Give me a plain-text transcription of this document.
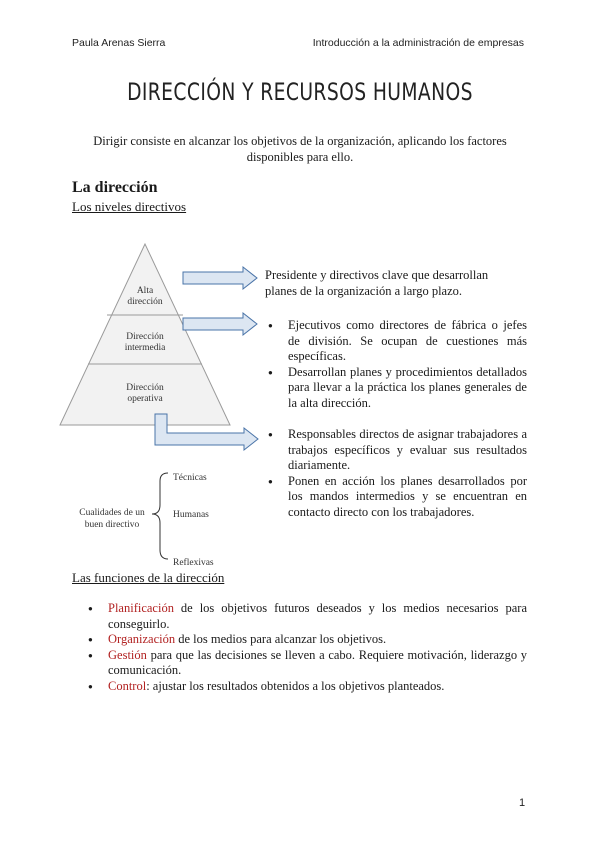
Paula Arenas Sierra	Introducción a la administración de empresas
DIRECCIÓN Y RECURSOS HUMANOS
Dirigir consiste en alcanzar los objetivos de la organización, aplicando los factores disponibles para ello.
La dirección
Los niveles directivos
Alta
dirección
Dirección
intermedia
Dirección
operativa
Cualidades de un
buen directivo
Técnicas
Humanas
Reflexivas
Presidente y directivos clave que desarrollan planes de la organización a largo plazo.
● Ejecutivos como directores de fábrica o jefes de división. Se ocupan de cuestiones más específicas.
● Desarrollan planes y procedimientos detallados para llevar a la práctica los planes generales de la alta dirección.
● Responsables directos de asignar trabajadores a trabajos específicos y evaluar sus resultados diariamente.
● Ponen en acción los planes desarrollados por los mandos intermedios y se encuentran en contacto directo con los trabajadores.
Las funciones de la dirección
● Planificación de los objetivos futuros deseados y los medios necesarios para conseguirlo.
● Organización de los medios para alcanzar los objetivos.
● Gestión para que las decisiones se lleven a cabo. Requiere motivación, liderazgo y comunicación.
● Control: ajustar los resultados obtenidos a los objetivos planteados.
1
